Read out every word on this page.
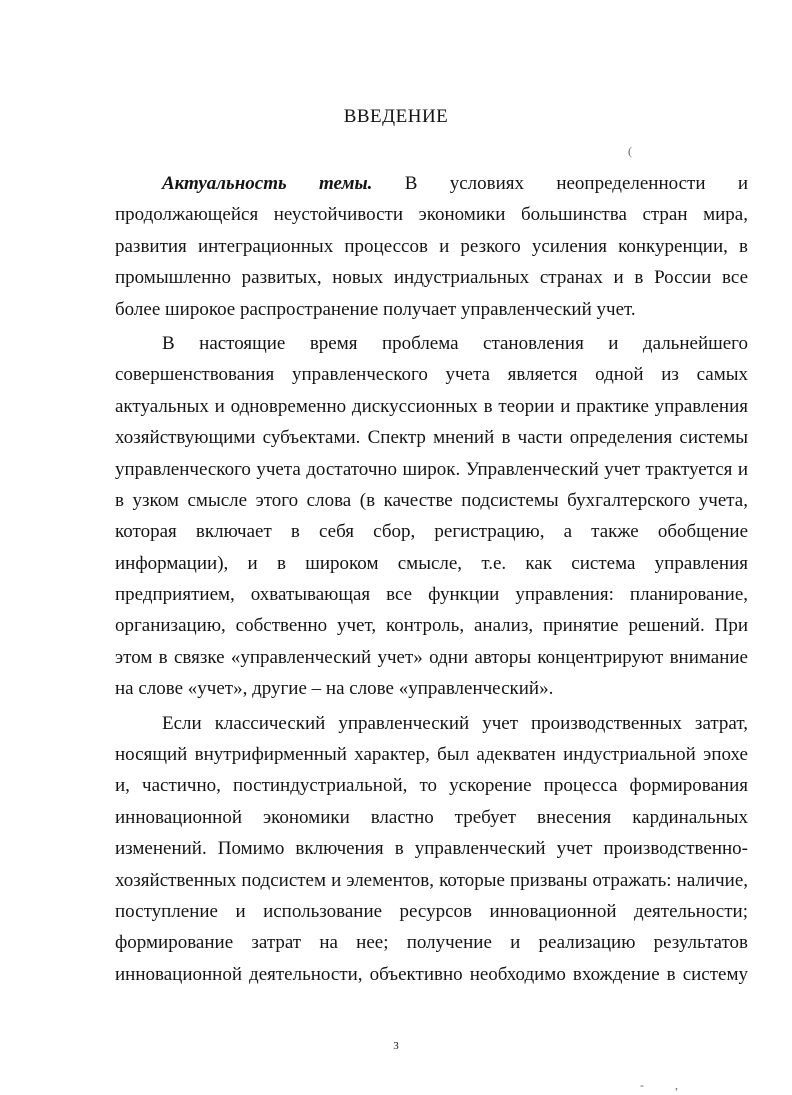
ВВЕДЕНИЕ
(
Актуальность темы. В условиях неопределенности и
продолжающейся неустойчивости экономики большинства стран мира,
развития интеграционных процессов и резкого усиления конкуренции, в
промышленно развитых, новых индустриальных странах и в России все
более широкое распространение получает управленческий учет.
В настоящие время проблема становления и дальнейшего
совершенствования управленческого учета является одной из самых
актуальных и одновременно дискуссионных в теории и практике управления
хозяйствующими субъектами. Спектр мнений в части определения системы
управленческого учета достаточно широк. Управленческий учет трактуется и
в узком смысле этого слова (в качестве подсистемы бухгалтерского учета,
которая включает в себя сбор, регистрацию, а также обобщение
информации), и в широком смысле, т.е. как система управления
предприятием, охватывающая все функции управления: планирование,
организацию, собственно учет, контроль, анализ, принятие решений. При
этом в связке «управленческий учет» одни авторы концентрируют внимание
на слове «учет», другие – на слове «управленческий».
Если классический управленческий учет производственных затрат,
носящий внутрифирменный характер, был адекватен индустриальной эпохе
и, частично, постиндустриальной, то ускорение процесса формирования
инновационной экономики властно требует внесения кардинальных
изменений. Помимо включения в управленческий учет производственно-
хозяйственных подсистем и элементов, которые призваны отражать: наличие,
поступление и использование ресурсов инновационной деятельности;
формирование затрат на нее; получение и реализацию результатов
инновационной деятельности, объективно необходимо вхождение в систему
3
- ,
